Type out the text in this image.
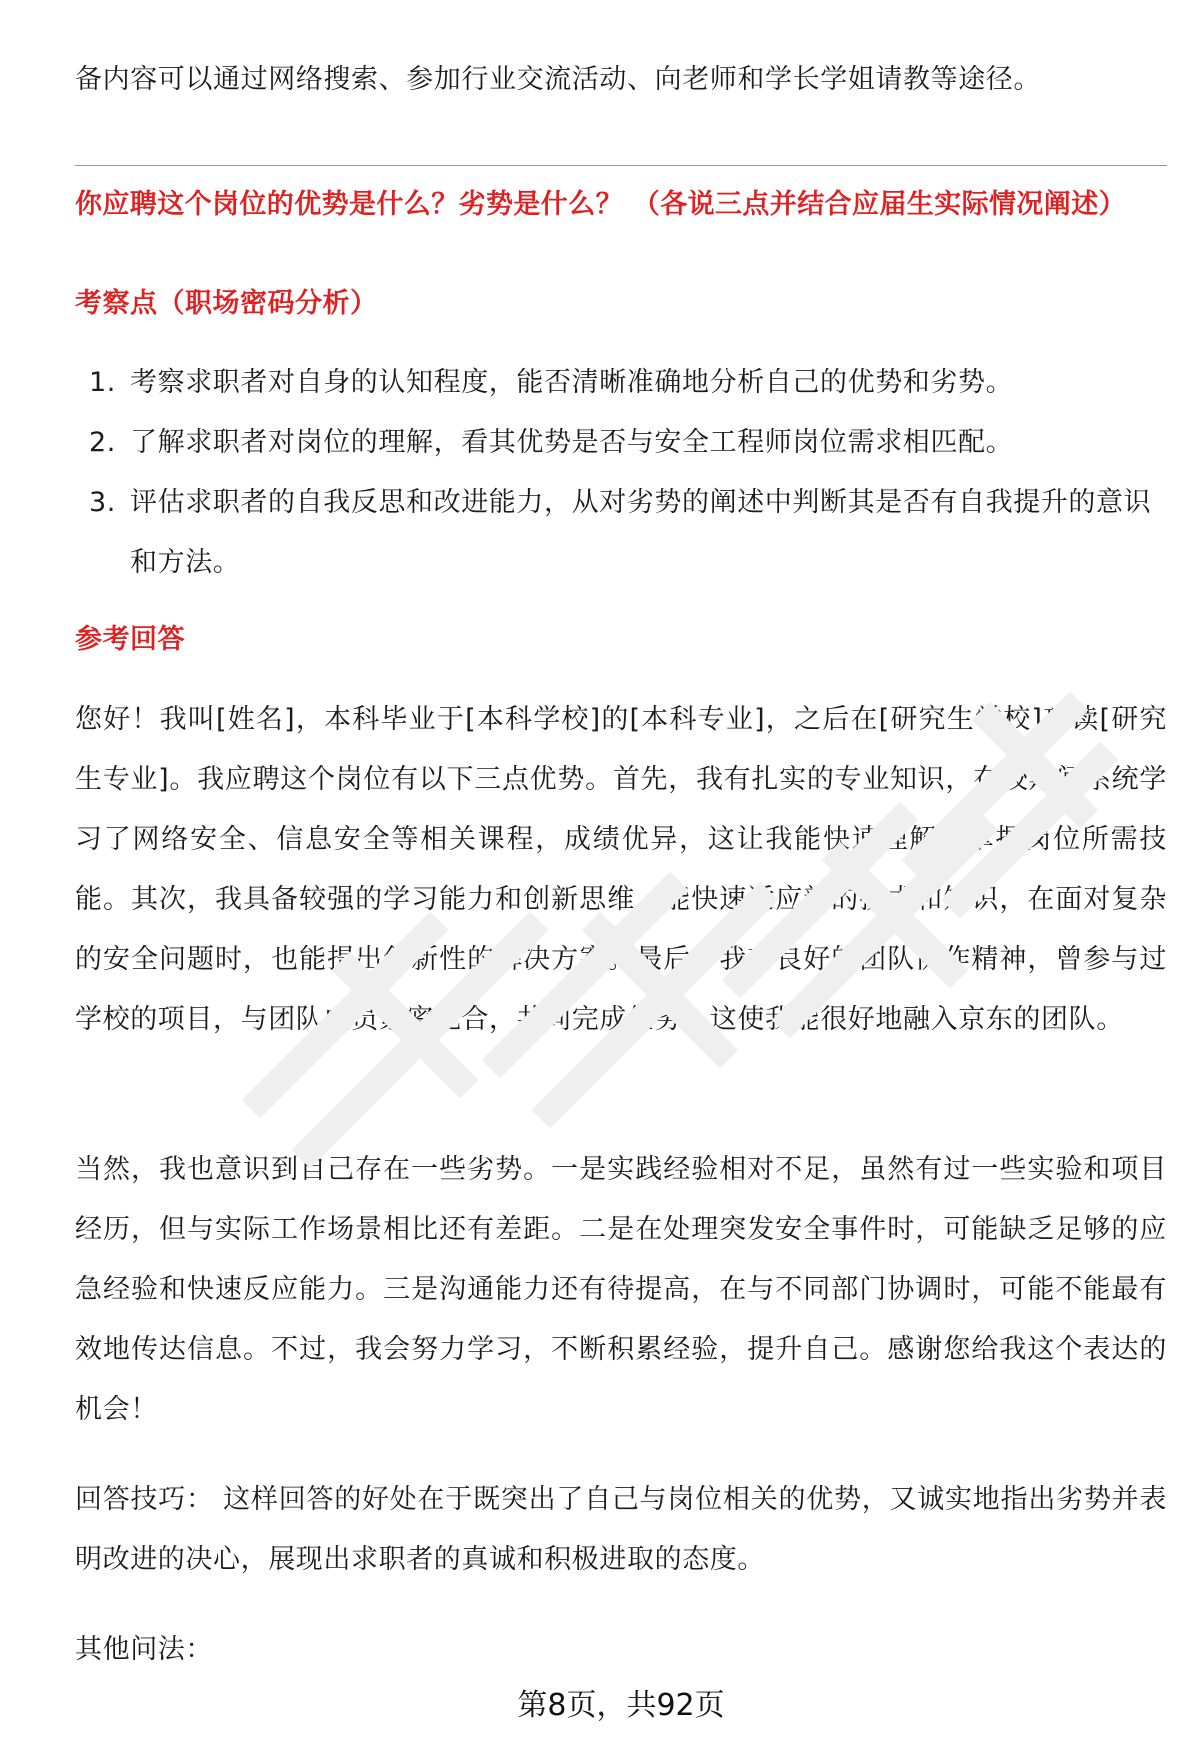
备内容可以通过网络搜索、参加行业交流活动、向老师和学长学姐请教等途径。

你应聘这个岗位的优势是什么？劣势是什么？ （各说三点并结合应届生实际情况阐述）
考察点（职场密码分析）
1. 考察求职者对自身的认知程度，能否清晰准确地分析自己的优势和劣势。
2. 了解求职者对岗位的理解，看其优势是否与安全工程师岗位需求相匹配。
3. 评估求职者的自我反思和改进能力，从对劣势的阐述中判断其是否有自我提升的意识和方法。
参考回答

您好！我叫[姓名]，本科毕业于[本科学校]的[本科专业]，之后在[研究生学校]攻读[研究生专业]。我应聘这个岗位有以下三点优势。首先，我有扎实的专业知识，在校期间系统学习了网络安全、信息安全等相关课程，成绩优异，这让我能快速理解和掌握岗位所需技能。其次，我具备较强的学习能力和创新思维，能快速适应新的技术和知识，在面对复杂的安全问题时，也能提出创新性的解决方案。最后，我有良好的团队协作精神，曾参与过学校的项目，与团队成员紧密配合，共同完成任务，这使我能很好地融入京东的团队。

当然，我也意识到自己存在一些劣势。一是实践经验相对不足，虽然有过一些实验和项目经历，但与实际工作场景相比还有差距。二是在处理突发安全事件时，可能缺乏足够的应急经验和快速反应能力。三是沟通能力还有待提高，在与不同部门协调时，可能不能最有效地传达信息。不过，我会努力学习，不断积累经验，提升自己。感谢您给我这个表达的机会！

回答技巧： 这样回答的好处在于既突出了自己与岗位相关的优势，又诚实地指出劣势并表明改进的决心，展现出求职者的真诚和积极进取的态度。

其他问法：

第8页，共92页
